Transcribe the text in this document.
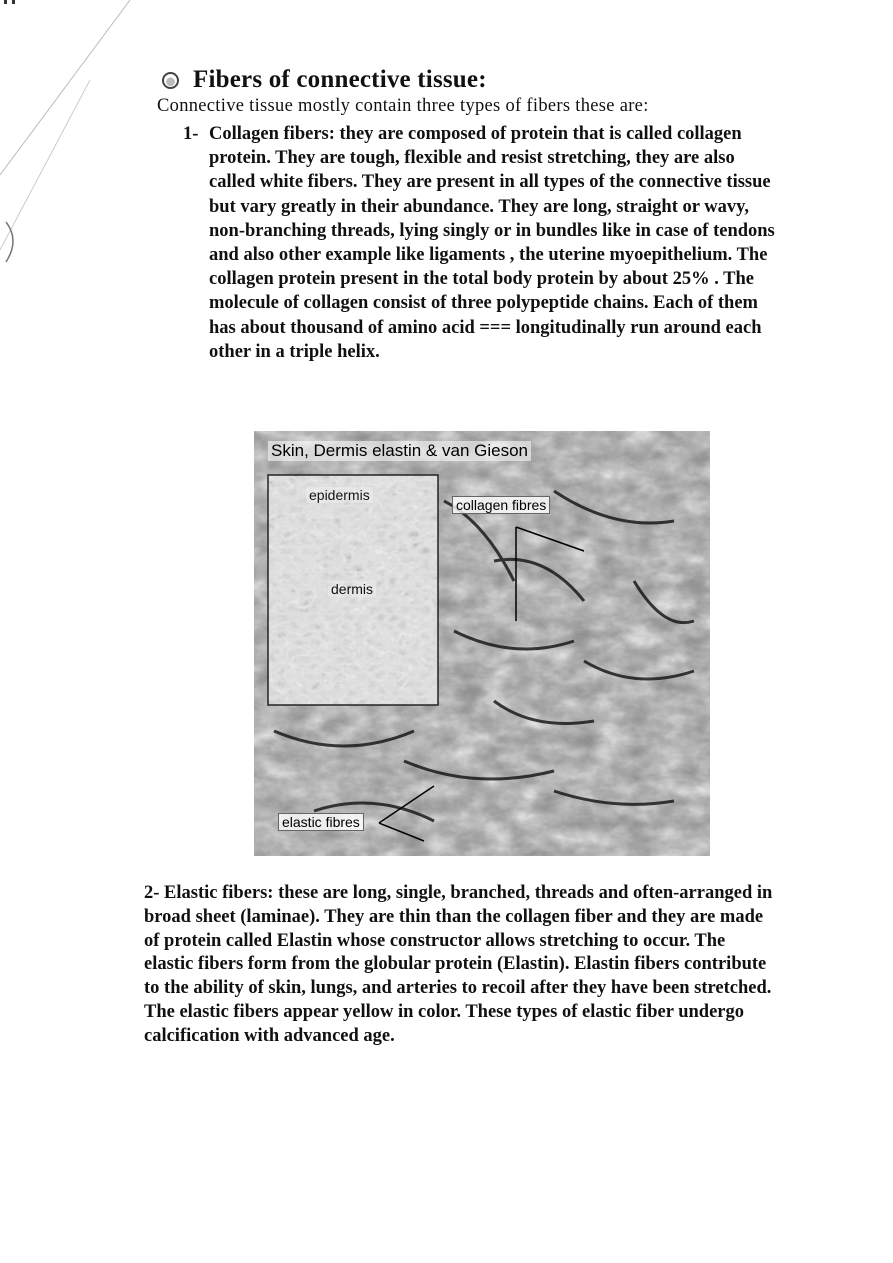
Fibers of connective tissue:
Connective tissue mostly contain three types of fibers these are:
1- Collagen fibers: they are composed of protein that is called collagen protein. They are tough, flexible and resist stretching, they are also called white fibers. They are present in all types of the connective tissue but vary greatly in their abundance. They are long, straight or wavy, non-branching threads, lying singly or in bundles like in case of tendons and also other example like ligaments , the uterine myoepithelium. The collagen protein present in the total body protein by about 25% . The molecule of collagen consist of three polypeptide chains. Each of them has about thousand of amino acid === longitudinally run around each other in a triple helix.
Skin, Dermis elastin & van Gieson
epidermis
dermis
collagen fibres
elastic fibres
2- Elastic fibers: these are long, single, branched, threads and often-arranged in broad sheet (laminae). They are thin than the collagen fiber and they are made of protein called Elastin whose constructor allows stretching to occur. The elastic fibers form from the globular protein (Elastin). Elastin fibers contribute to the ability of skin, lungs, and arteries to recoil after they have been stretched. The elastic fibers appear yellow in color. These types of elastic fiber undergo calcification with advanced age.
